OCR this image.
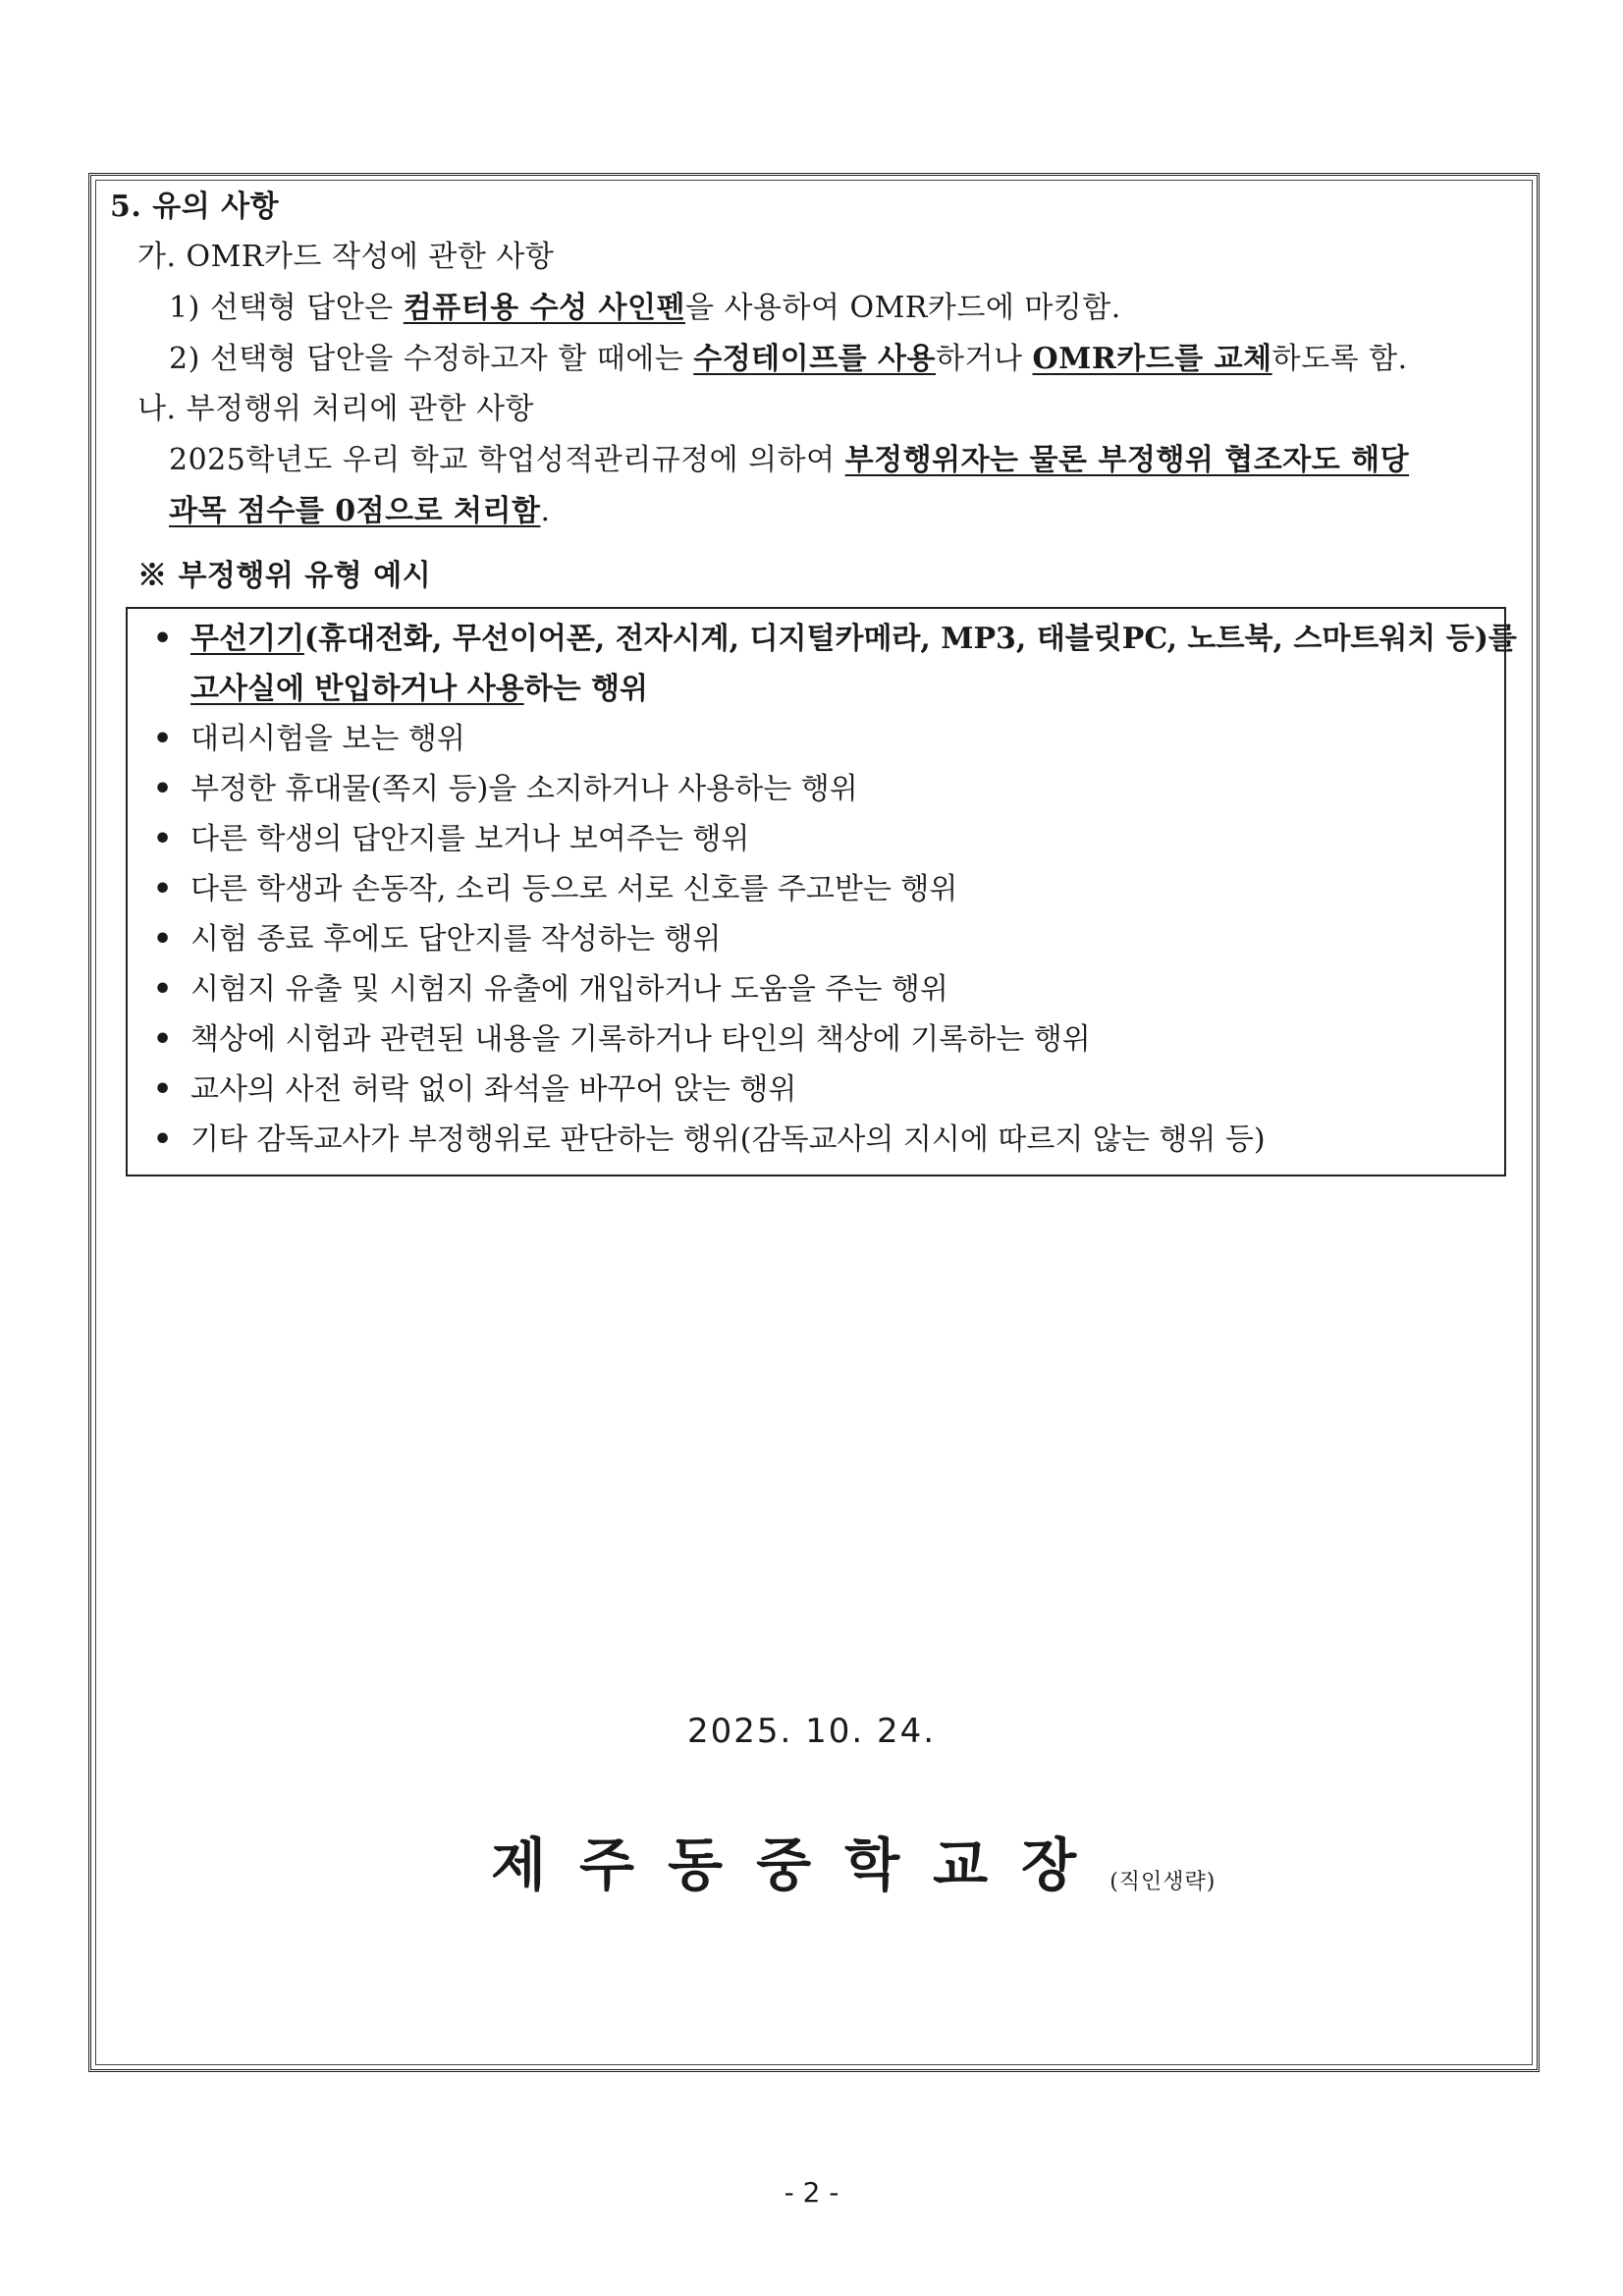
5. 유의 사항
가. OMR카드 작성에 관한 사항
1) 선택형 답안은 컴퓨터용 수성 사인펜을 사용하여 OMR카드에 마킹함.
2) 선택형 답안을 수정하고자 할 때에는 수정테이프를 사용하거나 OMR카드를 교체하도록 함.
나. 부정행위 처리에 관한 사항
2025학년도 우리 학교 학업성적관리규정에 의하여 부정행위자는 물론 부정행위 협조자도 해당
과목 점수를 0점으로 처리함.
※ 부정행위 유형 예시
• 무선기기(휴대전화, 무선이어폰, 전자시계, 디지털카메라, MP3, 태블릿PC, 노트북, 스마트워치 등)를
고사실에 반입하거나 사용하는 행위
• 대리시험을 보는 행위
• 부정한 휴대물(쪽지 등)을 소지하거나 사용하는 행위
• 다른 학생의 답안지를 보거나 보여주는 행위
• 다른 학생과 손동작, 소리 등으로 서로 신호를 주고받는 행위
• 시험 종료 후에도 답안지를 작성하는 행위
• 시험지 유출 및 시험지 유출에 개입하거나 도움을 주는 행위
• 책상에 시험과 관련된 내용을 기록하거나 타인의 책상에 기록하는 행위
• 교사의 사전 허락 없이 좌석을 바꾸어 앉는 행위
• 기타 감독교사가 부정행위로 판단하는 행위(감독교사의 지시에 따르지 않는 행위 등)
2025. 10. 24.
제주동중학교장(직인생략)
- 2 -
